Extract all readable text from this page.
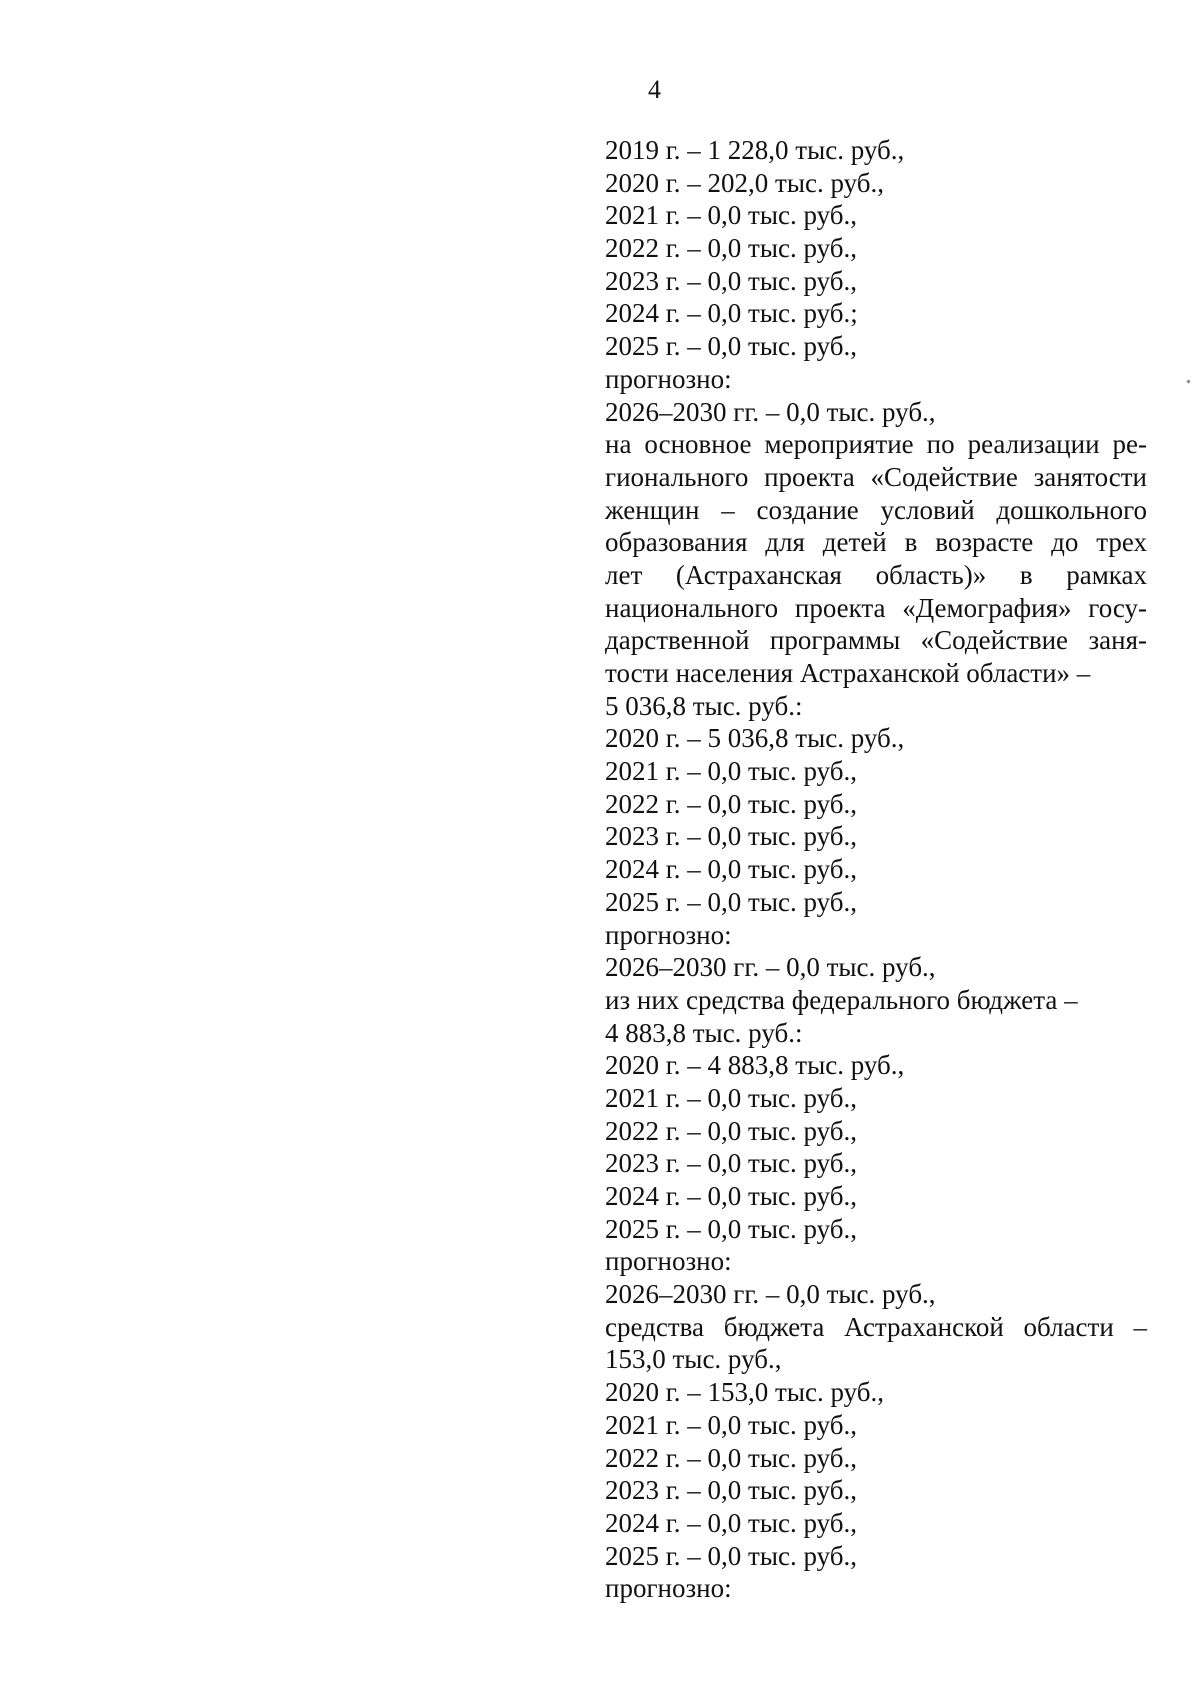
4
2019 г. – 1 228,0 тыс. руб.,
2020 г. – 202,0 тыс. руб.,
2021 г. – 0,0 тыс. руб.,
2022 г. – 0,0 тыс. руб.,
2023 г. – 0,0 тыс. руб.,
2024 г. – 0,0 тыс. руб.;
2025 г. – 0,0 тыс. руб.,
прогнозно:
2026–2030 гг. – 0,0 тыс. руб.,
на основное мероприятие по реализации ре-
гионального проекта «Содействие занятости
женщин – создание условий дошкольного
образования для детей в возрасте до трех
лет (Астраханская область)» в рамках
национального проекта «Демография» госу-
дарственной программы «Содействие заня-
тости населения Астраханской области» –
5 036,8 тыс. руб.:
2020 г. – 5 036,8 тыс. руб.,
2021 г. – 0,0 тыс. руб.,
2022 г. – 0,0 тыс. руб.,
2023 г. – 0,0 тыс. руб.,
2024 г. – 0,0 тыс. руб.,
2025 г. – 0,0 тыс. руб.,
прогнозно:
2026–2030 гг. – 0,0 тыс. руб.,
из них средства федерального бюджета –
4 883,8 тыс. руб.:
2020 г. – 4 883,8 тыс. руб.,
2021 г. – 0,0 тыс. руб.,
2022 г. – 0,0 тыс. руб.,
2023 г. – 0,0 тыс. руб.,
2024 г. – 0,0 тыс. руб.,
2025 г. – 0,0 тыс. руб.,
прогнозно:
2026–2030 гг. – 0,0 тыс. руб.,
средства бюджета Астраханской области –
153,0 тыс. руб.,
2020 г. – 153,0 тыс. руб.,
2021 г. – 0,0 тыс. руб.,
2022 г. – 0,0 тыс. руб.,
2023 г. – 0,0 тыс. руб.,
2024 г. – 0,0 тыс. руб.,
2025 г. – 0,0 тыс. руб.,
прогнозно:
